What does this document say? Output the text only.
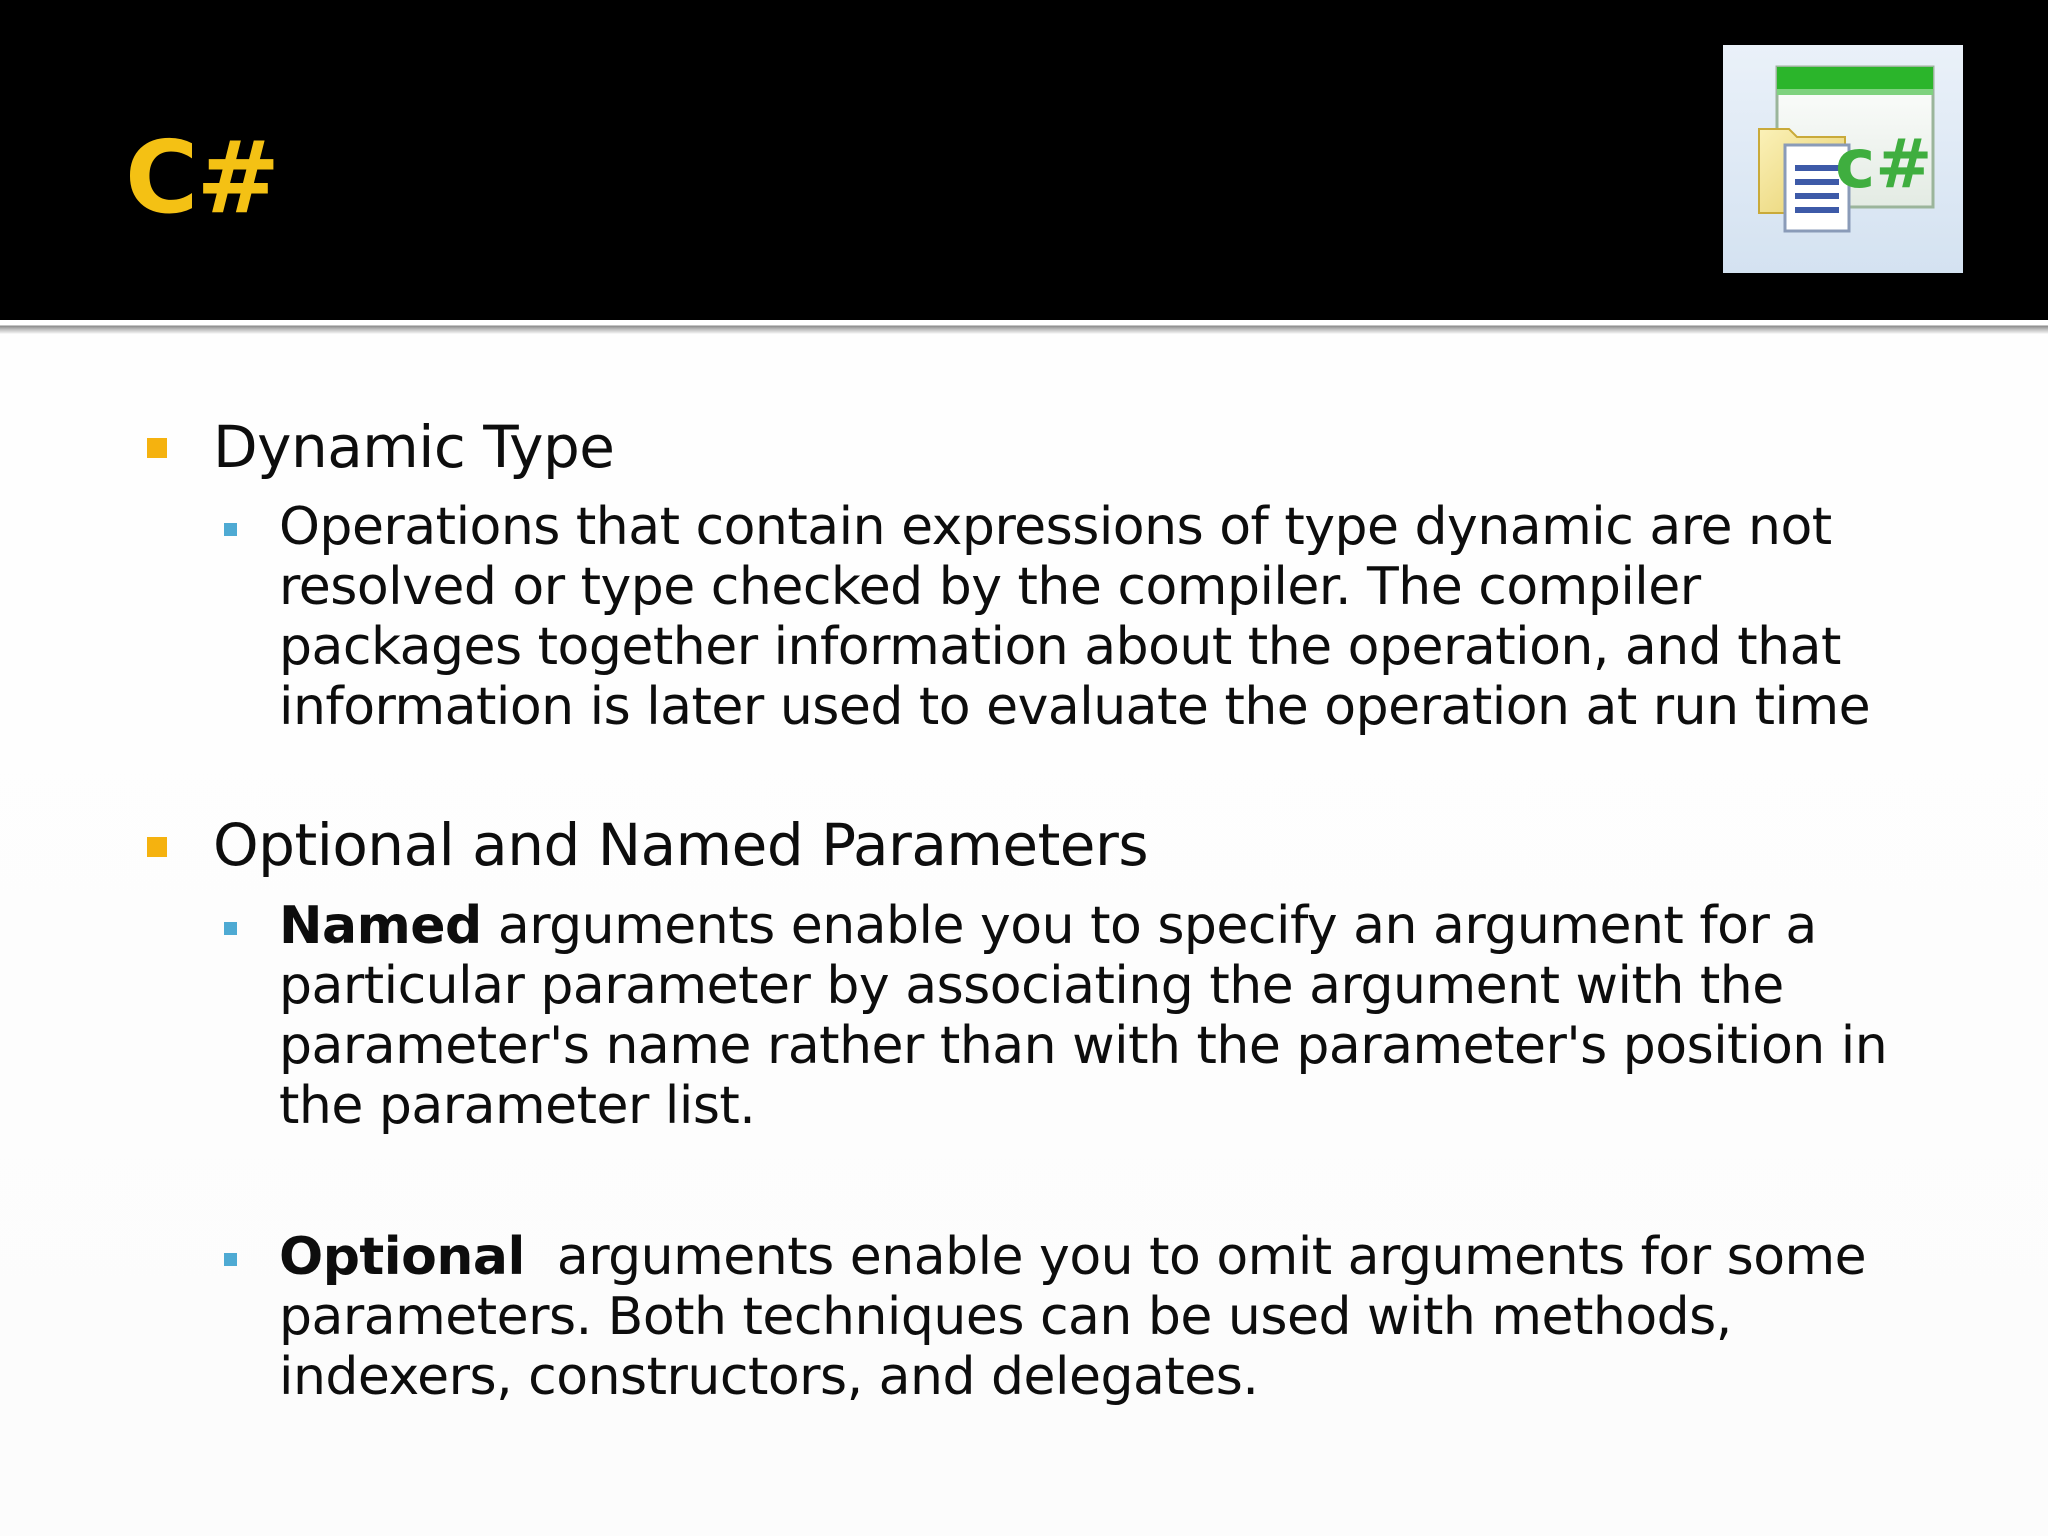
C#	c#
Dynamic Type
Operations that contain expressions of type dynamic are not
resolved or type checked by the compiler. The compiler
packages together information about the operation, and that
information is later used to evaluate the operation at run time
Optional and Named Parameters
Named arguments enable you to specify an argument for a
particular parameter by associating the argument with the
parameter's name rather than with the parameter's position in
the parameter list.
Optional  arguments enable you to omit arguments for some
parameters. Both techniques can be used with methods,
indexers, constructors, and delegates.
